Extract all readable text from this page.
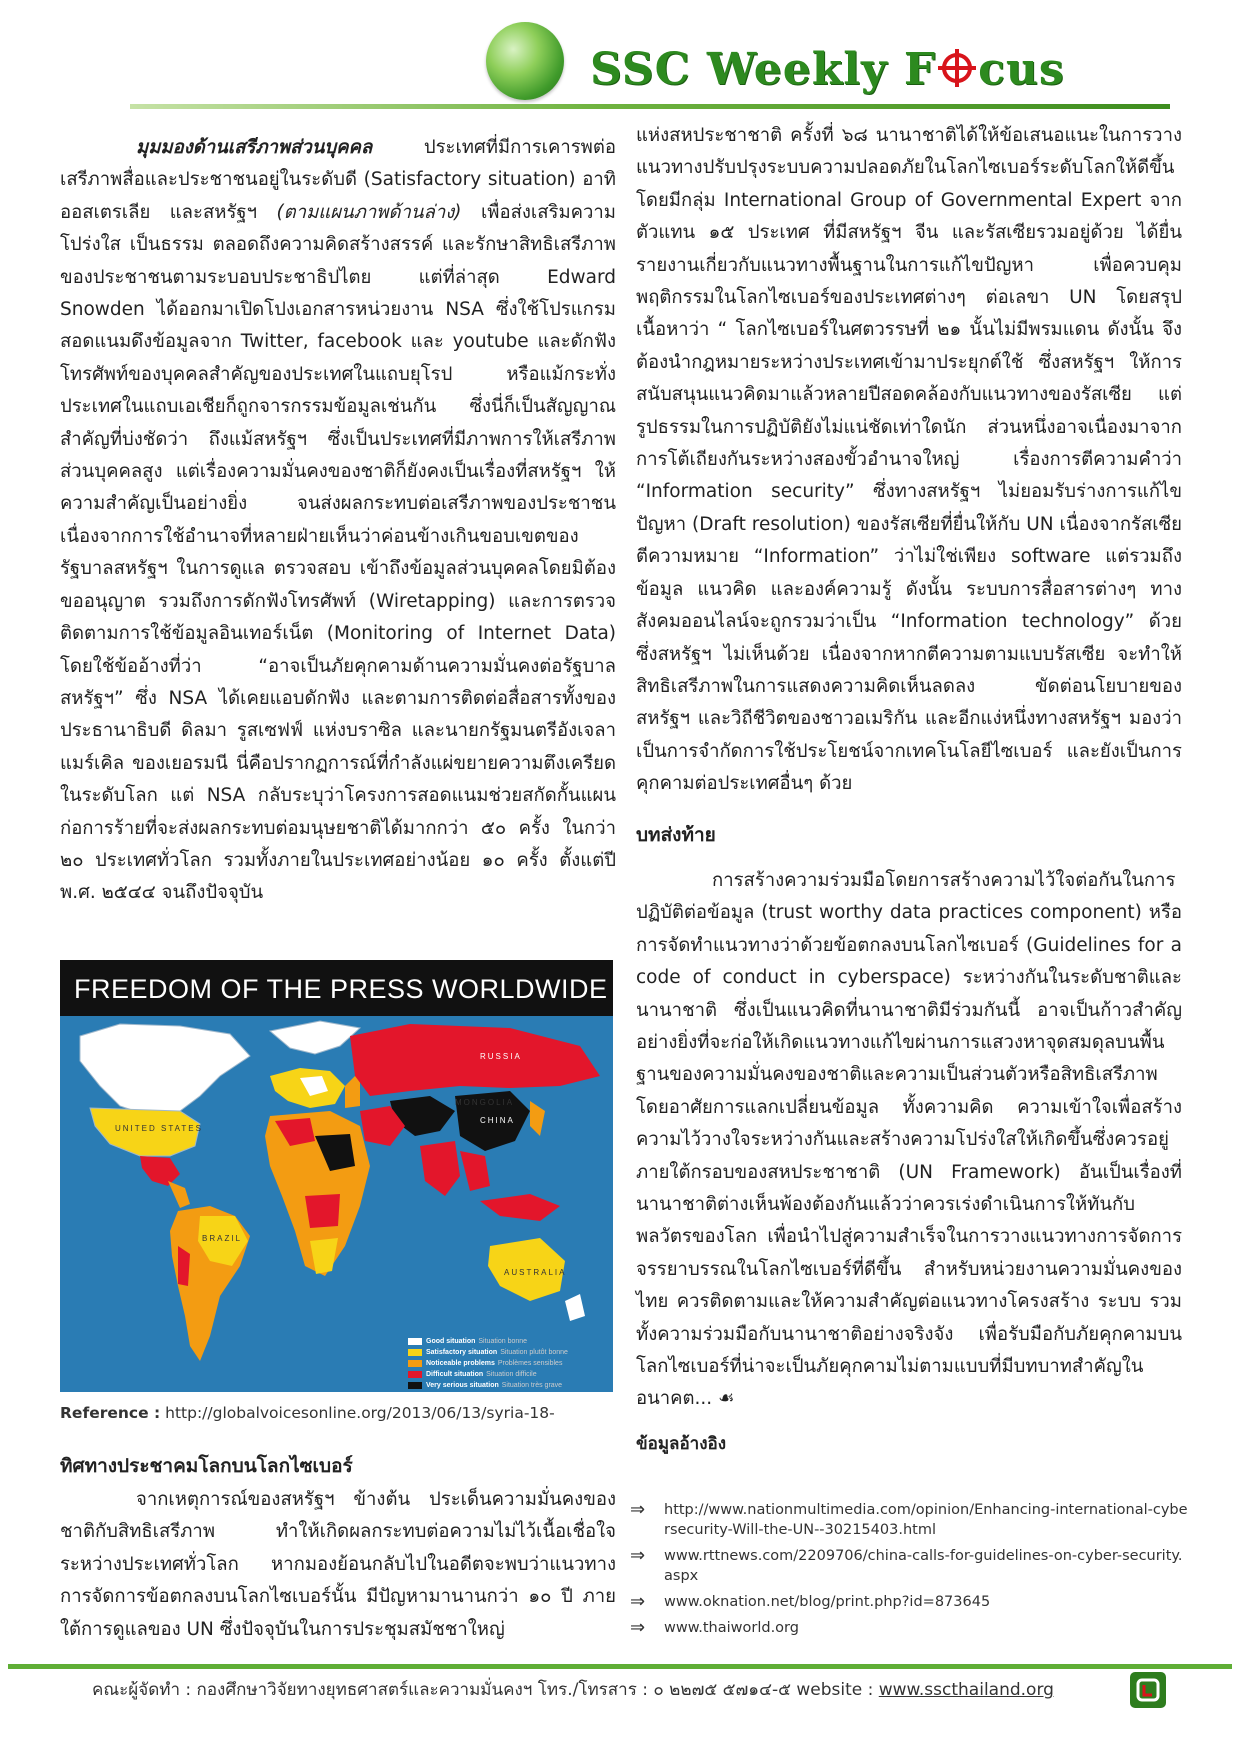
SSC Weekly F cus

มุมมองด้านเสรีภาพส่วนบุคคล ประเทศที่มีการเคารพต่อเสรีภาพสื่อและประชาชนอยู่ในระดับดี (Satisfactory situation) อาทิ ออสเตรเลีย และสหรัฐฯ (ตามแผนภาพด้านล่าง) เพื่อส่งเสริมความโปร่งใส เป็นธรรม ตลอดถึงความคิดสร้างสรรค์ และรักษาสิทธิเสรีภาพของประชาชนตามระบอบประชาธิปไตย แต่ที่ล่าสุด Edward Snowden ได้ออกมาเปิดโปงเอกสารหน่วยงาน NSA ซึ่งใช้โปรแกรมสอดแนมดึงข้อมูลจาก Twitter, facebook และ youtube และดักฟังโทรศัพท์ของบุคคลสำคัญของประเทศในแถบยุโรป หรือแม้กระทั่งประเทศในแถบเอเชียก็ถูกจารกรรมข้อมูลเช่นกัน ซึ่งนี่ก็เป็นสัญญาณสำคัญที่บ่งชัดว่า ถึงแม้สหรัฐฯ ซึ่งเป็นประเทศที่มีภาพการให้เสรีภาพส่วนบุคคลสูง แต่เรื่องความมั่นคงของชาติก็ยังคงเป็นเรื่องที่สหรัฐฯ ให้ความสำคัญเป็นอย่างยิ่ง จนส่งผลกระทบต่อเสรีภาพของประชาชน เนื่องจากการใช้อำนาจที่หลายฝ่ายเห็นว่าค่อนข้างเกินขอบเขตของรัฐบาลสหรัฐฯ ในการดูแล ตรวจสอบ เข้าถึงข้อมูลส่วนบุคคลโดยมิต้องขออนุญาต รวมถึงการดักฟังโทรศัพท์ (Wiretapping) และการตรวจติดตามการใช้ข้อมูลอินเทอร์เน็ต (Monitoring of Internet Data) โดยใช้ข้ออ้างที่ว่า “อาจเป็นภัยคุกคามด้านความมั่นคงต่อรัฐบาลสหรัฐฯ” ซึ่ง NSA ได้เคยแอบดักฟัง และตามการติดต่อสื่อสารทั้งของประธานาธิบดี ดิลมา รูสเซฟฟ์ แห่งบราซิล และนายกรัฐมนตรีอังเจลา แมร์เคิล ของเยอรมนี นี่คือปรากฏการณ์ที่กำลังแผ่ขยายความตึงเครียดในระดับโลก แต่ NSA กลับระบุว่าโครงการสอดแนมช่วยสกัดกั้นแผนก่อการร้ายที่จะส่งผลกระทบต่อมนุษยชาติได้มากกว่า ๕๐ ครั้ง ในกว่า ๒๐ ประเทศทั่วโลก รวมทั้งภายในประเทศอย่างน้อย ๑๐ ครั้ง ตั้งแต่ปี พ.ศ. ๒๕๔๔ จนถึงปัจจุบัน

FREEDOM OF THE PRESS WORLDWIDE IN 2013
CANADA
UNITED STATES
RUSSIA
CHINA
MONGOLIA
BRAZIL
AUSTRALIA
Good situation Situation bonne
Satisfactory situation Situation plutôt bonne
Noticeable problems Problèmes sensibles
Difficult situation Situation difficile
Very serious situation Situation très grave
Reference : http://globalvoicesonline.org/2013/06/13/syria-18-

ทิศทางประชาคมโลกบนโลกไซเบอร์

จากเหตุการณ์ของสหรัฐฯ ข้างต้น ประเด็นความมั่นคงของชาติกับสิทธิเสรีภาพ ทำให้เกิดผลกระทบต่อความไม่ไว้เนื้อเชื่อใจระหว่างประเทศทั่วโลก หากมองย้อนกลับไปในอดีตจะพบว่าแนวทางการจัดการข้อตกลงบนโลกไซเบอร์นั้น มีปัญหามานานกว่า ๑๐ ปี ภายใต้การดูแลของ UN ซึ่งปัจจุบันในการประชุมสมัชชาใหญ่

แห่งสหประชาชาติ ครั้งที่ ๖๘ นานาชาติได้ให้ข้อเสนอแนะในการวางแนวทางปรับปรุงระบบความปลอดภัยในโลกไซเบอร์ระดับโลกให้ดีขึ้น โดยมีกลุ่ม International Group of Governmental Expert จากตัวแทน ๑๕ ประเทศ ที่มีสหรัฐฯ จีน และรัสเซียรวมอยู่ด้วย ได้ยื่นรายงานเกี่ยวกับแนวทางพื้นฐานในการแก้ไขปัญหา เพื่อควบคุมพฤติกรรมในโลกไซเบอร์ของประเทศต่างๆ ต่อเลขา UN โดยสรุปเนื้อหาว่า “ โลกไซเบอร์ในศตวรรษที่ ๒๑ นั้นไม่มีพรมแดน ดังนั้น จึงต้องนำกฎหมายระหว่างประเทศเข้ามาประยุกต์ใช้ ซึ่งสหรัฐฯ ให้การสนับสนุนแนวคิดมาแล้วหลายปีสอดคล้องกับแนวทางของรัสเซีย แต่รูปธรรมในการปฏิบัติยังไม่แน่ชัดเท่าใดนัก ส่วนหนึ่งอาจเนื่องมาจากการโต้เถียงกันระหว่างสองขั้วอำนาจใหญ่ เรื่องการตีความคำว่า “Information security” ซึ่งทางสหรัฐฯ ไม่ยอมรับร่างการแก้ไขปัญหา (Draft resolution) ของรัสเซียที่ยื่นให้กับ UN เนื่องจากรัสเซียตีความหมาย “Information” ว่าไม่ใช่เพียง software แต่รวมถึงข้อมูล แนวคิด และองค์ความรู้ ดังนั้น ระบบการสื่อสารต่างๆ ทางสังคมออนไลน์จะถูกรวมว่าเป็น “Information technology” ด้วย ซึ่งสหรัฐฯ ไม่เห็นด้วย เนื่องจากหากตีความตามแบบรัสเซีย จะทำให้สิทธิเสรีภาพในการแสดงความคิดเห็นลดลง ขัดต่อนโยบายของสหรัฐฯ และวิถีชีวิตของชาวอเมริกัน และอีกแง่หนึ่งทางสหรัฐฯ มองว่าเป็นการจำกัดการใช้ประโยชน์จากเทคโนโลยีไซเบอร์ และยังเป็นการคุกคามต่อประเทศอื่นๆ ด้วย

บทส่งท้าย

การสร้างความร่วมมือโดยการสร้างความไว้ใจต่อกันในการปฏิบัติต่อข้อมูล (trust worthy data practices component) หรือการจัดทำแนวทางว่าด้วยข้อตกลงบนโลกไซเบอร์ (Guidelines for a code of conduct in cyberspace) ระหว่างกันในระดับชาติและนานาชาติ ซึ่งเป็นแนวคิดที่นานาชาติมีร่วมกันนี้ อาจเป็นก้าวสำคัญอย่างยิ่งที่จะก่อให้เกิดแนวทางแก้ไขผ่านการแสวงหาจุดสมดุลบนพื้นฐานของความมั่นคงของชาติและความเป็นส่วนตัวหรือสิทธิเสรีภาพ โดยอาศัยการแลกเปลี่ยนข้อมูล ทั้งความคิด ความเข้าใจเพื่อสร้างความไว้วางใจระหว่างกันและสร้างความโปร่งใสให้เกิดขึ้นซึ่งควรอยู่ภายใต้กรอบของสหประชาชาติ (UN Framework) อันเป็นเรื่องที่นานาชาติต่างเห็นพ้องต้องกันแล้วว่าควรเร่งดำเนินการให้ทันกับพลวัตรของโลก เพื่อนำไปสู่ความสำเร็จในการวางแนวทางการจัดการจรรยาบรรณในโลกไซเบอร์ที่ดีขึ้น สำหรับหน่วยงานความมั่นคงของไทย ควรติดตามและให้ความสำคัญต่อแนวทางโครงสร้าง ระบบ รวมทั้งความร่วมมือกับนานาชาติอย่างจริงจัง เพื่อรับมือกับภัยคุกคามบนโลกไซเบอร์ที่น่าจะเป็นภัยคุกคามไม่ตามแบบที่มีบทบาทสำคัญในอนาคต... ☙

ข้อมูลอ้างอิง

⇒	http://www.nationmultimedia.com/opinion/Enhancing-international-cybersecurity-Will-the-UN--30215403.html
⇒	www.rttnews.com/2209706/china-calls-for-guidelines-on-cyber-security.aspx
⇒	www.oknation.net/blog/print.php?id=873645
⇒	www.thaiworld.org
คณะผู้จัดทำ : กองศึกษาวิจัยทางยุทธศาสตร์และความมั่นคงฯ โทร./โทรสาร : ๐ ๒๒๗๕ ๕๗๑๔-๕ website : www.sscthailand.org
